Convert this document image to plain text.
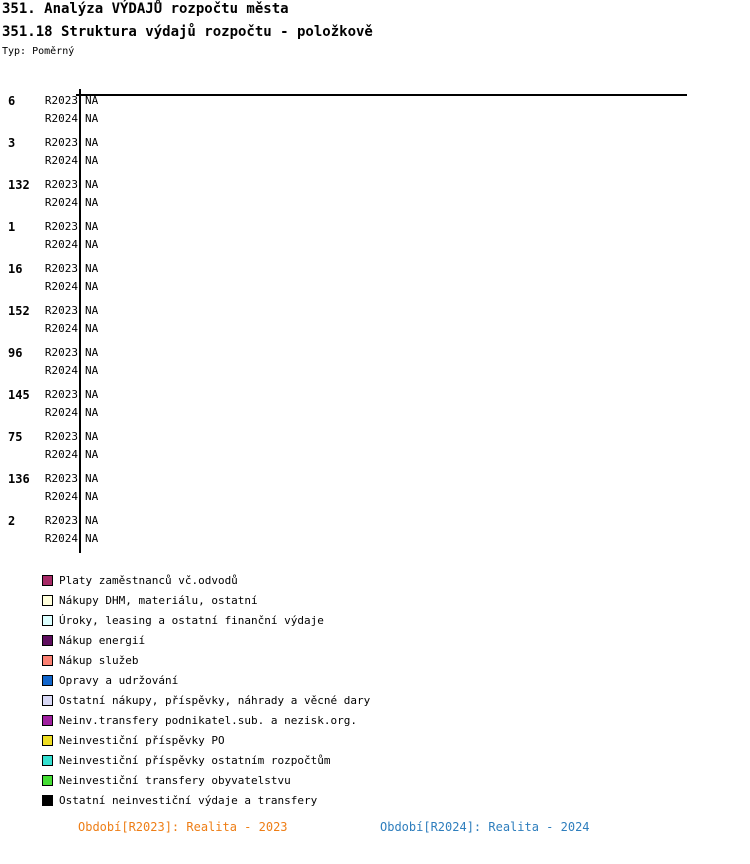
351. Analýza VÝDAJŮ rozpočtu města
351.18 Struktura výdajů rozpočtu - položkově
Typ: Poměrný
6	R2023 NA
R2024 NA
3	R2023 NA
R2024 NA
132	R2023 NA
R2024 NA
1	R2023 NA
R2024 NA
16	R2023 NA
R2024 NA
152	R2023 NA
R2024 NA
96	R2023 NA
R2024 NA
145	R2023 NA
R2024 NA
75	R2023 NA
R2024 NA
136	R2023 NA
R2024 NA
2	R2023 NA
R2024 NA
Platy zaměstnanců vč.odvodů
Nákupy DHM, materiálu, ostatní
Úroky, leasing a ostatní finanční výdaje
Nákup energií
Nákup služeb
Opravy a udržování
Ostatní nákupy, příspěvky, náhrady a věcné dary
Neinv.transfery podnikatel.sub. a nezisk.org.
Neinvestiční příspěvky PO
Neinvestiční příspěvky ostatním rozpočtům
Neinvestiční transfery obyvatelstvu
Ostatní neinvestiční výdaje a transfery
Období[R2023]: Realita - 2023	Období[R2024]: Realita - 2024
